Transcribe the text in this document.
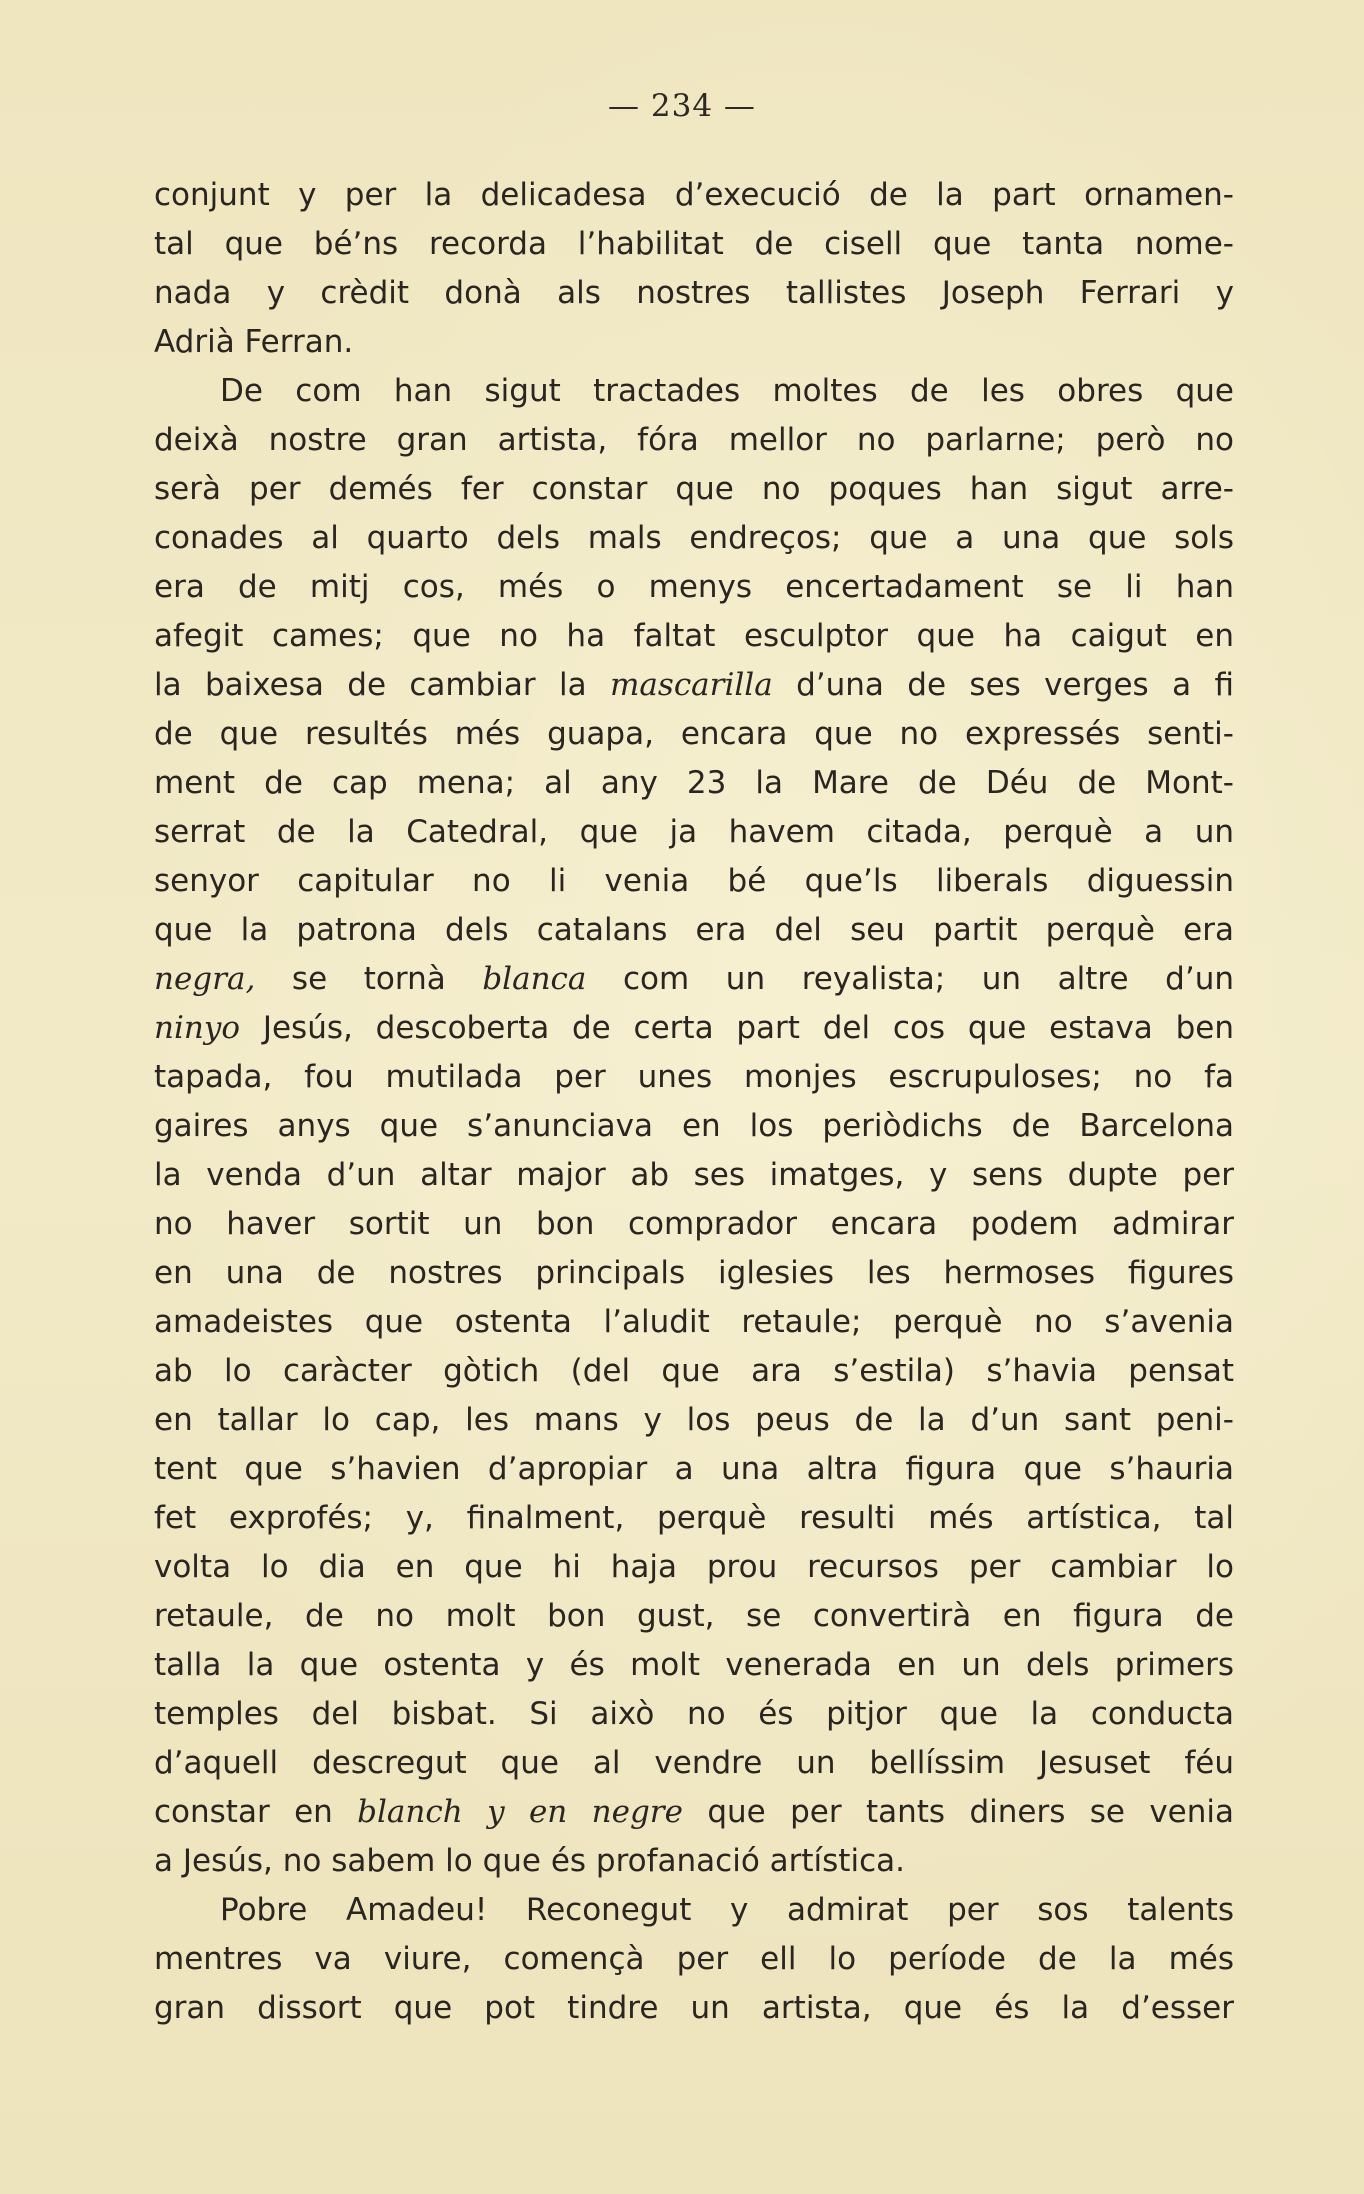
— 234 —
conjunt y per la delicadesa d’execució de la part ornamen-
tal que bé’ns recorda l’habilitat de cisell que tanta nome-
nada y crèdit donà als nostres tallistes Joseph Ferrari y
Adrià Ferran.
De com han sigut tractades moltes de les obres que
deixà nostre gran artista, fóra mellor no parlarne; però no
serà per demés fer constar que no poques han sigut arre-
conades al quarto dels mals endreços; que a una que sols
era de mitj cos, més o menys encertadament se li han
afegit cames; que no ha faltat esculptor que ha caigut en
la baixesa de cambiar la mascarilla d’una de ses verges a fi
de que resultés més guapa, encara que no expressés senti-
ment de cap mena; al any 23 la Mare de Déu de Mont-
serrat de la Catedral, que ja havem citada, perquè a un
senyor capitular no li venia bé que’ls liberals diguessin
que la patrona dels catalans era del seu partit perquè era
negra, se tornà blanca com un reyalista; un altre d’un
ninyo Jesús, descoberta de certa part del cos que estava ben
tapada, fou mutilada per unes monjes escrupuloses; no fa
gaires anys que s’anunciava en los periòdichs de Barcelona
la venda d’un altar major ab ses imatges, y sens dupte per
no haver sortit un bon comprador encara podem admirar
en una de nostres principals iglesies les hermoses figures
amadeistes que ostenta l’aludit retaule; perquè no s’avenia
ab lo caràcter gòtich (del que ara s’estila) s’havia pensat
en tallar lo cap, les mans y los peus de la d’un sant peni-
tent que s’havien d’apropiar a una altra figura que s’hauria
fet exprofés; y, finalment, perquè resulti més artística, tal
volta lo dia en que hi haja prou recursos per cambiar lo
retaule, de no molt bon gust, se convertirà en figura de
talla la que ostenta y és molt venerada en un dels primers
temples del bisbat. Si això no és pitjor que la conducta
d’aquell descregut que al vendre un bellíssim Jesuset féu
constar en blanch y en negre que per tants diners se venia
a Jesús, no sabem lo que és profanació artística.
Pobre Amadeu! Reconegut y admirat per sos talents
mentres va viure, començà per ell lo període de la més
gran dissort que pot tindre un artista, que és la d’esser
